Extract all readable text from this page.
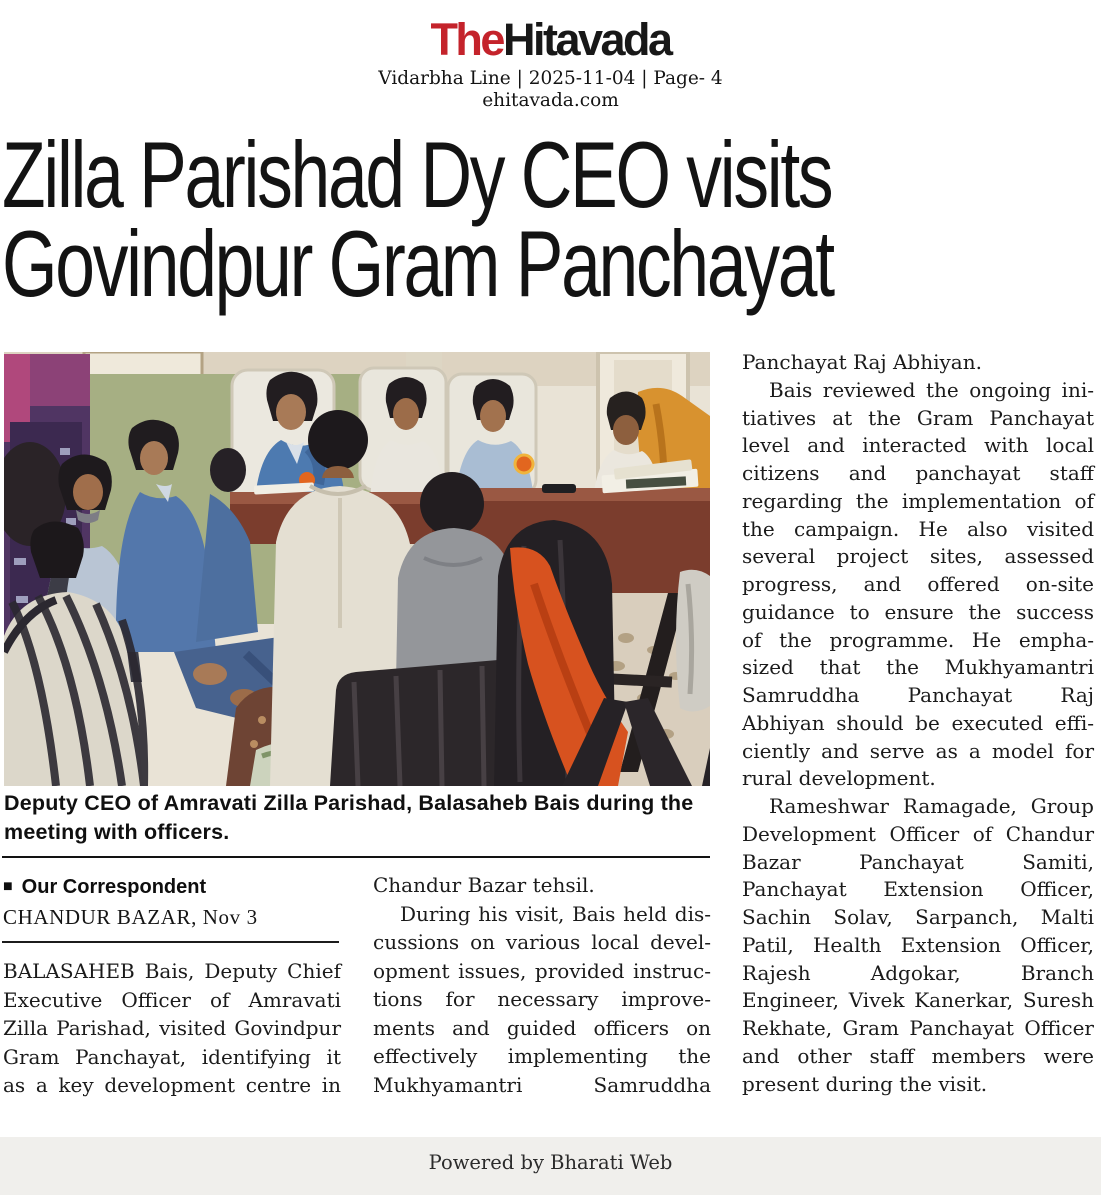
TheHitavada
Vidarbha Line | 2025-11-04 | Page- 4
ehitavada.com
Zilla Parishad Dy CEO visits
Govindpur Gram Panchayat
Deputy CEO of Amravati Zilla Parishad, Balasaheb Bais during the
meeting with officers.
■ Our Correspondent
CHANDUR BAZAR, Nov 3
BALASAHEB Bais, Deputy Chief
Executive Officer of Amravati
Zilla Parishad, visited Govindpur
Gram Panchayat, identifying it
as a key development centre in
Chandur Bazar tehsil.
During his visit, Bais held dis-
cussions on various local devel-
opment issues, provided instruc-
tions for necessary improve-
ments and guided officers on
effectively implementing the
Mukhyamantri Samruddha
Panchayat Raj Abhiyan.
Bais reviewed the ongoing ini-
tiatives at the Gram Panchayat
level and interacted with local
citizens and panchayat staff
regarding the implementation of
the campaign. He also visited
several project sites, assessed
progress, and offered on-site
guidance to ensure the success
of the programme. He empha-
sized that the Mukhyamantri
Samruddha Panchayat Raj
Abhiyan should be executed effi-
ciently and serve as a model for
rural development.
Rameshwar Ramagade, Group
Development Officer of Chandur
Bazar Panchayat Samiti,
Panchayat Extension Officer,
Sachin Solav, Sarpanch, Malti
Patil, Health Extension Officer,
Rajesh Adgokar, Branch
Engineer, Vivek Kanerkar, Suresh
Rekhate, Gram Panchayat Officer
and other staff members were
present during the visit.
Powered by Bharati Web
